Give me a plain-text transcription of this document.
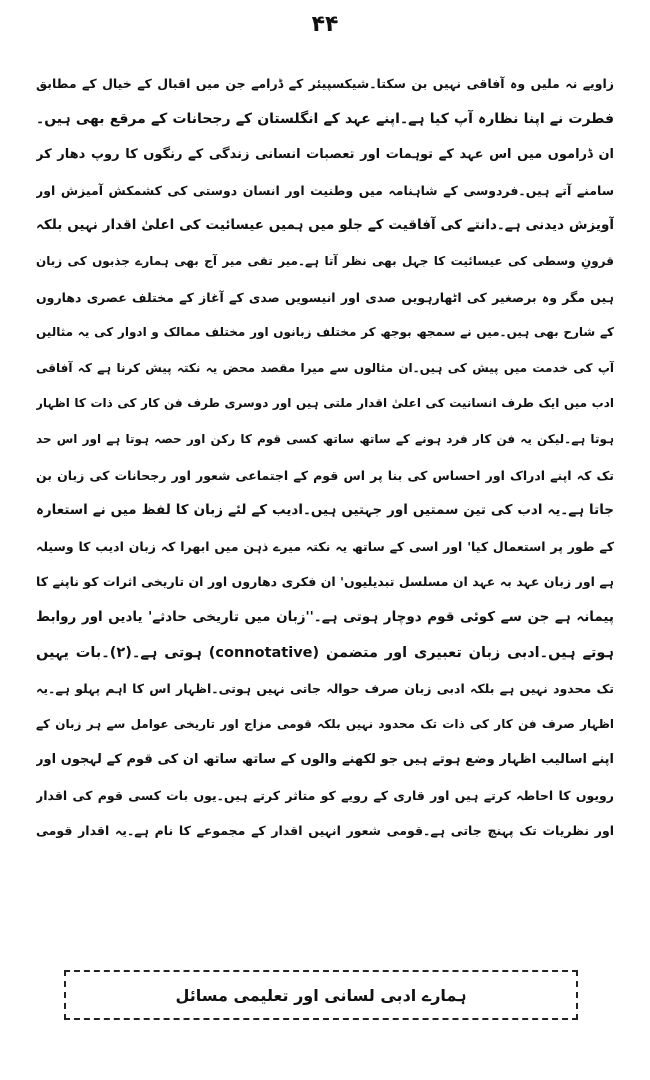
۴۴
زاویے نہ ملیں وہ آفاقی نہیں بن سکتا۔شیکسپیئر کے ڈرامے جن میں اقبال کے خیال کے مطابق
فطرت نے اپنا نظارہ آپ کیا ہے۔اپنے عہد کے انگلستان کے رجحانات کے مرقع بھی ہیں۔
ان ڈراموں میں اس عہد کے توہمات اور تعصبات انسانی زندگی کے رنگوں کا روپ دھار کر
سامنے آتے ہیں۔فردوسی کے شاہنامہ میں وطنیت اور انسان دوستی کی کشمکش آمیزش اور
آویزش دیدنی ہے۔دانتے کی آفاقیت کے جلو میں ہمیں عیسائیت کی اعلیٰ اقدار نہیں بلکہ
قرونِ وسطی کی عیسائیت کا جہل بھی نظر آتا ہے۔میر تقی میر آج بھی ہمارے جذبوں کی زبان
ہیں مگر وہ برصغیر کی اٹھارہویں صدی اور انیسویں صدی کے آغاز کے مختلف عصری دھاروں
کے شارح بھی ہیں۔میں نے سمجھ بوجھ کر مختلف زبانوں اور مختلف ممالک و ادوار کی یہ مثالیں
آپ کی خدمت میں پیش کی ہیں۔ان مثالوں سے میرا مقصد محض یہ نکتہ پیش کرنا ہے کہ آفاقی
ادب میں ایک طرف انسانیت کی اعلیٰ اقدار ملتی ہیں اور دوسری طرف فن کار کی ذات کا اظہار
ہوتا ہے۔لیکن یہ فن کار فرد ہونے کے ساتھ ساتھ کسی قوم کا رکن اور حصہ ہوتا ہے اور اس حد
تک کہ اپنے ادراک اور احساس کی بنا پر اس قوم کے اجتماعی شعور اور رجحانات کی زبان بن
جاتا ہے۔یہ ادب کی تین سمتیں اور جہتیں ہیں۔ادیب کے لئے زبان کا لفظ میں نے استعارہ
کے طور پر استعمال کیا' اور اسی کے ساتھ یہ نکتہ میرے ذہن میں ابھرا کہ زبان ادیب کا وسیلہ
ہے اور زبان عہد بہ عہد ان مسلسل تبدیلیوں' ان فکری دھاروں اور ان تاریخی اثرات کو ناپنے کا
پیمانہ ہے جن سے کوئی قوم دوچار ہوتی ہے۔''زبان میں تاریخی حادثے' یادیں اور روابط
ہوتے ہیں۔ادبی زبان تعبیری اور متضمن (connotative) ہوتی ہے۔(۲)۔بات یہیں
تک محدود نہیں ہے بلکہ ادبی زبان صرف حوالہ جاتی نہیں ہوتی۔اظہار اس کا اہم پہلو ہے۔یہ
اظہار صرف فن کار کی ذات تک محدود نہیں بلکہ قومی مزاج اور تاریخی عوامل سے ہر زبان کے
اپنے اسالیب اظہار وضع ہوتے ہیں جو لکھنے والوں کے ساتھ ساتھ ان کی قوم کے لہجوں اور
رویوں کا احاطہ کرتے ہیں اور قاری کے رویے کو متاثر کرتے ہیں۔یوں بات کسی قوم کی اقدار
اور نظریات تک پہنچ جاتی ہے۔قومی شعور انہیں اقدار کے مجموعے کا نام ہے۔یہ اقدار قومی
ہمارے ادبی لسانی اور تعلیمی مسائل
